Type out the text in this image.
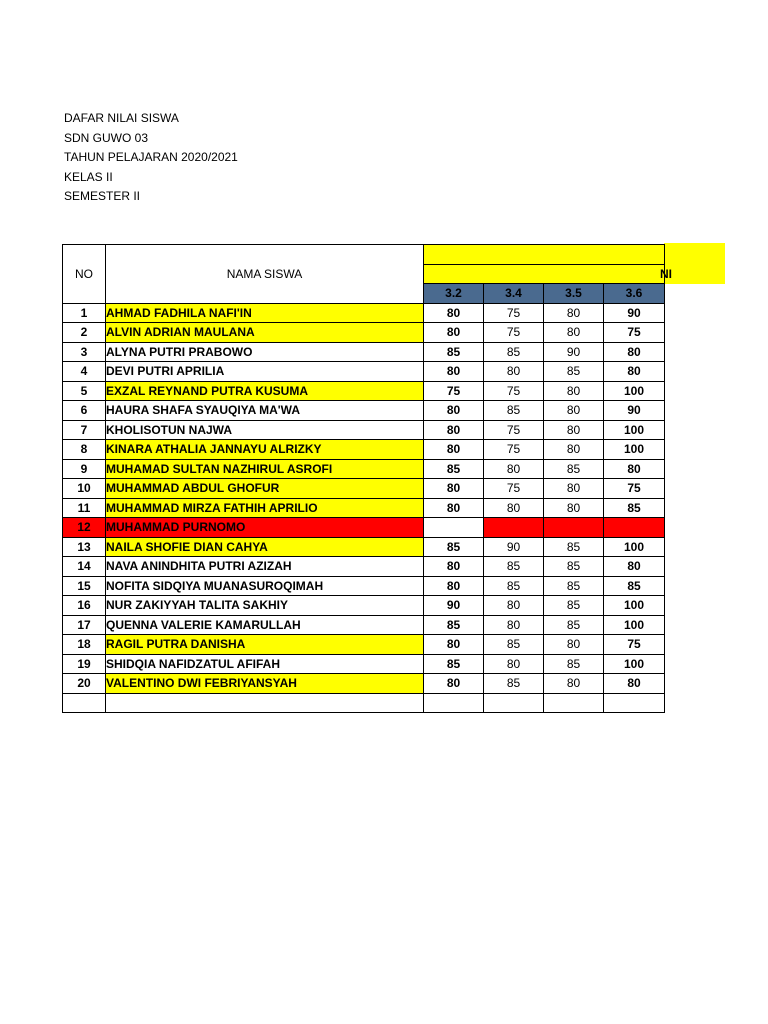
DAFAR NILAI SISWA
SDN GUWO 03
TAHUN PELAJARAN 2020/2021
KELAS II
SEMESTER II
NO	NAMA SISWA				

		NI			

		3.2	3.4	3.5	3.6
1	AHMAD FADHILA NAFI'IN	80	75	80	90
2	ALVIN ADRIAN MAULANA	80	75	80	75
3	ALYNA PUTRI PRABOWO	85	85	90	80
4	DEVI PUTRI APRILIA	80	80	85	80
5	EXZAL REYNAND PUTRA KUSUMA	75	75	80	100
6	HAURA SHAFA SYAUQIYA MA'WA	80	85	80	90
7	KHOLISOTUN NAJWA	80	75	80	100
8	KINARA ATHALIA JANNAYU ALRIZKY	80	75	80	100
9	MUHAMAD SULTAN NAZHIRUL ASROFI	85	80	85	80
10	MUHAMMAD ABDUL GHOFUR	80	75	80	75
11	MUHAMMAD MIRZA FATHIH APRILIO	80	80	80	85
12	MUHAMMAD PURNOMO				
13	NAILA SHOFIE DIAN CAHYA	85	90	85	100
14	NAVA ANINDHITA PUTRI AZIZAH	80	85	85	80
15	NOFITA SIDQIYA MUANASUROQIMAH	80	85	85	85
16	NUR ZAKIYYAH TALITA SAKHIY	90	80	85	100
17	QUENNA VALERIE KAMARULLAH	85	80	85	100
18	RAGIL PUTRA DANISHA	80	85	80	75
19	SHIDQIA NAFIDZATUL AFIFAH	85	80	85	100
20	VALENTINO DWI FEBRIYANSYAH	80	85	80	80
